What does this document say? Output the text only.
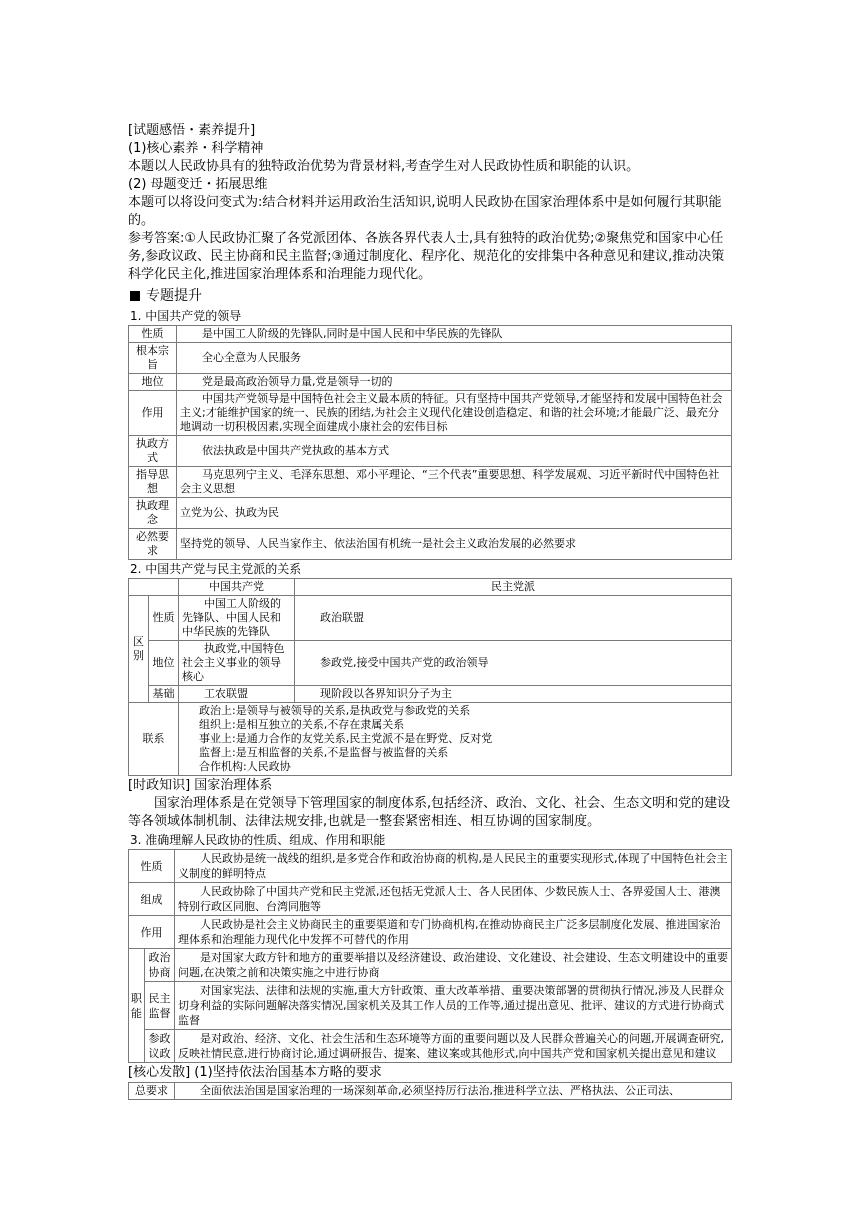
[试题感悟・素养提升]

(1)核心素养・科学精神

本题以人民政协具有的独特政治优势为背景材料,考查学生对人民政协性质和职能的认识。

(2) 母题变迁・拓展思维

本题可以将设问变式为:结合材料并运用政治生活知识,说明人民政协在国家治理体系中是如何履行其职能的。

参考答案:①人民政协汇聚了各党派团体、各族各界代表人士,具有独特的政治优势;②聚焦党和国家中心任务,参政议政、民主协商和民主监督;③通过制度化、程序化、规范化的安排集中各种意见和建议,推动决策科学化民主化,推进国家治理体系和治理能力现代化。

专题提升

1. 中国共产党的领导

性质	是中国工人阶级的先锋队,同时是中国人民和中华民族的先锋队
根本宗旨	全心全意为人民服务
地位	党是最高政治领导力量,党是领导一切的
作用	中国共产党领导是中国特色社会主义最本质的特征。只有坚持中国共产党领导,才能坚持和发展中国特色社会主义;才能维护国家的统一、民族的团结,为社会主义现代化建设创造稳定、和谐的社会环境;才能最广泛、最充分地调动一切积极因素,实现全面建成小康社会的宏伟目标
执政方式	依法执政是中国共产党执政的基本方式
指导思想	马克思列宁主义、毛泽东思想、邓小平理论、“三个代表”重要思想、科学发展观、习近平新时代中国特色社会主义思想
执政理念	立党为公、执政为民
必然要求	坚持党的领导、人民当家作主、依法治国有机统一是社会主义政治发展的必然要求

2. 中国共产党与民主党派的关系

		中国共产党	民主党派
区别	性质	中国工人阶级的先锋队、中国人民和中华民族的先锋队	政治联盟
	地位	执政党,中国特色社会主义事业的领导核心	参政党,接受中国共产党的政治领导
	基础	工农联盟	现阶段以各界知识分子为主
联系		政治上:是领导与被领导的关系,是执政党与参政党的关系
组织上:是相互独立的关系,不存在隶属关系
事业上:是通力合作的友党关系,民主党派不是在野党、反对党
监督上:是互相监督的关系,不是监督与被监督的关系
合作机构:人民政协	

[时政知识] 国家治理体系

国家治理体系是在党领导下管理国家的制度体系,包括经济、政治、文化、社会、生态文明和党的建设等各领域体制机制、法律法规安排,也就是一整套紧密相连、相互协调的国家制度。

3. 准确理解人民政协的性质、组成、作用和职能

性质		人民政协是统一战线的组织,是多党合作和政治协商的机构,是人民民主的重要实现形式,体现了中国特色社会主义制度的鲜明特点
组成		人民政协除了中国共产党和民主党派,还包括无党派人士、各人民团体、少数民族人士、各界爱国人士、港澳特别行政区同胞、台湾同胞等
作用		人民政协是社会主义协商民主的重要渠道和专门协商机构,在推动协商民主广泛多层制度化发展、推进国家治理体系和治理能力现代化中发挥不可替代的作用
职能	政治协商	是对国家大政方针和地方的重要举措以及经济建设、政治建设、文化建设、社会建设、生态文明建设中的重要问题,在决策之前和决策实施之中进行协商
	民主监督	对国家宪法、法律和法规的实施,重大方针政策、重大改革举措、重要决策部署的贯彻执行情况,涉及人民群众切身利益的实际问题解决落实情况,国家机关及其工作人员的工作等,通过提出意见、批评、建议的方式进行协商式监督
	参政议政	是对政治、经济、文化、社会生活和生态环境等方面的重要问题以及人民群众普遍关心的问题,开展调查研究,反映社情民意,进行协商讨论,通过调研报告、提案、建议案或其他形式,向中国共产党和国家机关提出意见和建议

[核心发散] (1)坚持依法治国基本方略的要求

总要求	全面依法治国是国家治理的一场深刻革命,必须坚持厉行法治,推进科学立法、严格执法、公正司法、
